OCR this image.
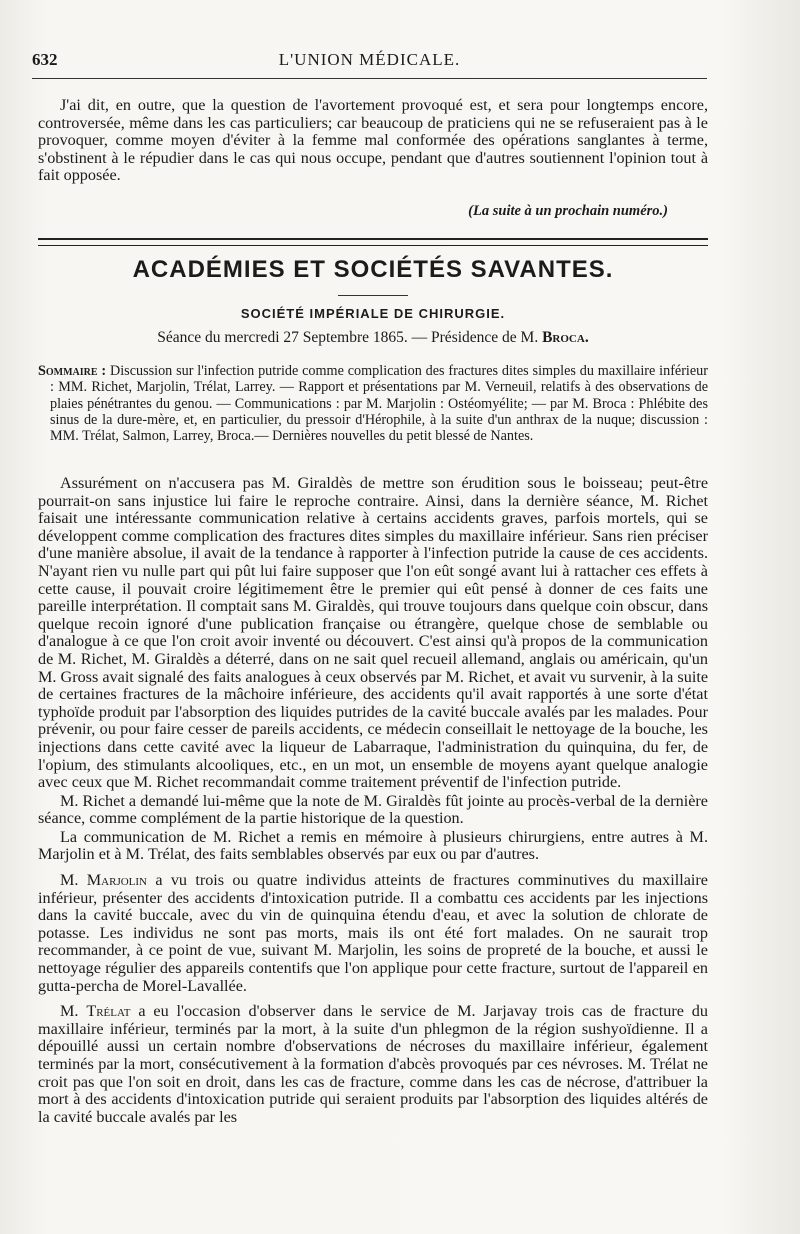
632	L'UNION MÉDICALE.

J'ai dit, en outre, que la question de l'avortement provoqué est, et sera pour longtemps encore, controversée, même dans les cas particuliers; car beaucoup de praticiens qui ne se refuseraient pas à le provoquer, comme moyen d'éviter à la femme mal conformée des opérations sanglantes à terme, s'obstinent à le répudier dans le cas qui nous occupe, pendant que d'autres soutiennent l'opinion tout à fait opposée.

(La suite à un prochain numéro.)
ACADÉMIES ET SOCIÉTÉS SAVANTES.
SOCIÉTÉ IMPÉRIALE DE CHIRURGIE.
Séance du mercredi 27 Septembre 1865. — Présidence de M. Broca.

Sommaire : Discussion sur l'infection putride comme complication des fractures dites simples du maxillaire inférieur : MM. Richet, Marjolin, Trélat, Larrey. — Rapport et présentations par M. Verneuil, relatifs à des observations de plaies pénétrantes du genou. — Communications : par M. Marjolin : Ostéomyélite; — par M. Broca : Phlébite des sinus de la dure-mère, et, en particulier, du pressoir d'Hérophile, à la suite d'un anthrax de la nuque; discussion : MM. Trélat, Salmon, Larrey, Broca.— Dernières nouvelles du petit blessé de Nantes.

Assurément on n'accusera pas M. Giraldès de mettre son érudition sous le boisseau; peut-être pourrait-on sans injustice lui faire le reproche contraire. Ainsi, dans la dernière séance, M. Richet faisait une intéressante communication relative à certains accidents graves, parfois mortels, qui se développent comme complication des fractures dites simples du maxillaire inférieur. Sans rien préciser d'une manière absolue, il avait de la tendance à rapporter à l'infection putride la cause de ces accidents. N'ayant rien vu nulle part qui pût lui faire supposer que l'on eût songé avant lui à rattacher ces effets à cette cause, il pouvait croire légitimement être le premier qui eût pensé à donner de ces faits une pareille interprétation. Il comptait sans M. Giraldès, qui trouve toujours dans quelque coin obscur, dans quelque recoin ignoré d'une publication française ou étrangère, quelque chose de semblable ou d'analogue à ce que l'on croit avoir inventé ou découvert. C'est ainsi qu'à propos de la communication de M. Richet, M. Giraldès a déterré, dans on ne sait quel recueil allemand, anglais ou américain, qu'un M. Gross avait signalé des faits analogues à ceux observés par M. Richet, et avait vu survenir, à la suite de certaines fractures de la mâchoire inférieure, des accidents qu'il avait rapportés à une sorte d'état typhoïde produit par l'absorption des liquides putrides de la cavité buccale avalés par les malades. Pour prévenir, ou pour faire cesser de pareils accidents, ce médecin conseillait le nettoyage de la bouche, les injections dans cette cavité avec la liqueur de Labarraque, l'administration du quinquina, du fer, de l'opium, des stimulants alcooliques, etc., en un mot, un ensemble de moyens ayant quelque analogie avec ceux que M. Richet recommandait comme traitement préventif de l'infection putride.

M. Richet a demandé lui-même que la note de M. Giraldès fût jointe au procès-verbal de la dernière séance, comme complément de la partie historique de la question.

La communication de M. Richet a remis en mémoire à plusieurs chirurgiens, entre autres à M. Marjolin et à M. Trélat, des faits semblables observés par eux ou par d'autres.

M. Marjolin a vu trois ou quatre individus atteints de fractures comminutives du maxillaire inférieur, présenter des accidents d'intoxication putride. Il a combattu ces accidents par les injections dans la cavité buccale, avec du vin de quinquina étendu d'eau, et avec la solution de chlorate de potasse. Les individus ne sont pas morts, mais ils ont été fort malades. On ne saurait trop recommander, à ce point de vue, suivant M. Marjolin, les soins de propreté de la bouche, et aussi le nettoyage régulier des appareils contentifs que l'on applique pour cette fracture, surtout de l'appareil en gutta-percha de Morel-Lavallée.

M. Trélat a eu l'occasion d'observer dans le service de M. Jarjavay trois cas de fracture du maxillaire inférieur, terminés par la mort, à la suite d'un phlegmon de la région sushyoïdienne. Il a dépouillé aussi un certain nombre d'observations de nécroses du maxillaire inférieur, également terminés par la mort, consécutivement à la formation d'abcès provoqués par ces névroses. M. Trélat ne croit pas que l'on soit en droit, dans les cas de fracture, comme dans les cas de nécrose, d'attribuer la mort à des accidents d'intoxication putride qui seraient produits par l'absorption des liquides altérés de la cavité buccale avalés par les
